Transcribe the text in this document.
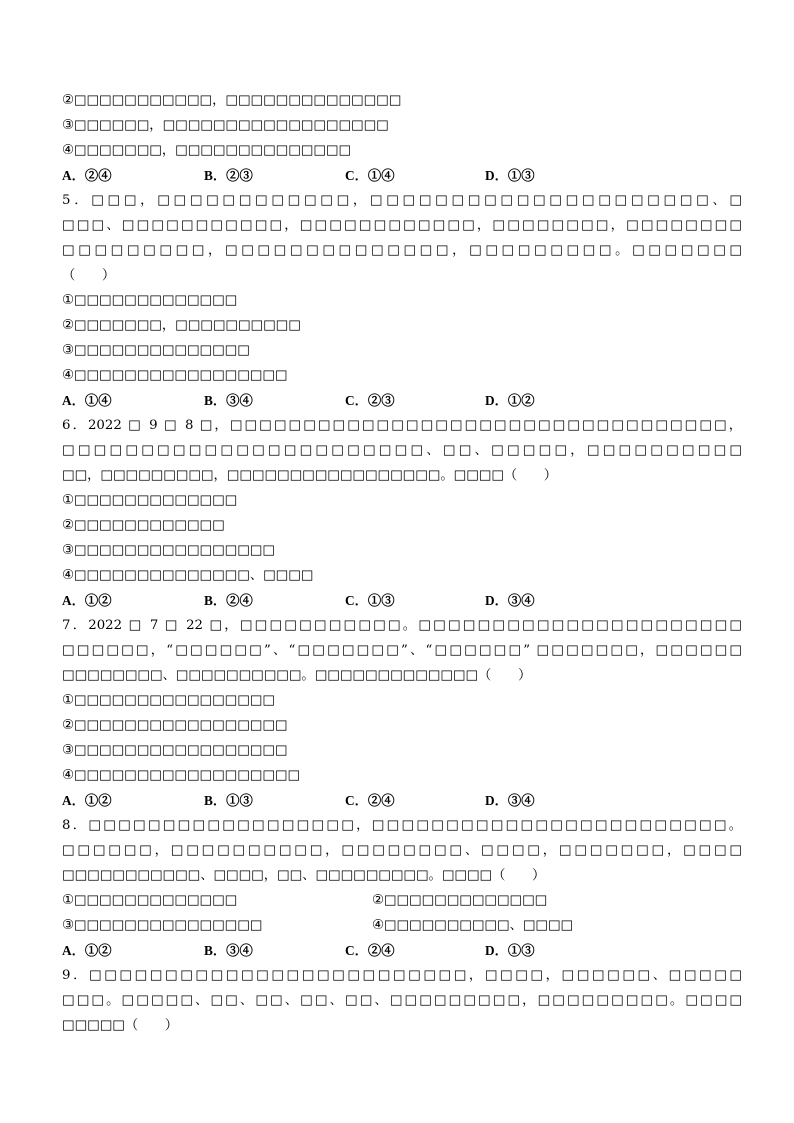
②□□□□□□□□□□□，□□□□□□□□□□□□□□
③□□□□□□，□□□□□□□□□□□□□□□□□□
④□□□□□□□，□□□□□□□□□□□□□□
A．②④	B．②③	C．①④	D．①③
5．□□□，□□□□□□□□□□□□，□□□□□□□□□□□□□□□□□□□□□、□
□□□、□□□□□□□□□□□，□□□□□□□□□□□□，□□□□□□□□，□□□□□□□□
□□□□□□□□□，□□□□□□□□□□□□□□，□□□□□□□□□。□□□□□□□
（　　）
①□□□□□□□□□□□□□
②□□□□□□□，□□□□□□□□□□
③□□□□□□□□□□□□□□
④□□□□□□□□□□□□□□□□□
A．①④	B．③④	C．②③	D．①②
6．2022 □ 9 □ 8 □，□□□□□□□□□□□□□□□□□□□□□□□□□□□□□□□□□□，
□□□□□□□□□□□□□□□□□□□□□□□、□□、□□□□□，□□□□□□□□□□
□□，□□□□□□□□□，□□□□□□□□□□□□□□□□□。□□□□（　　）
①□□□□□□□□□□□□□
②□□□□□□□□□□□□
③□□□□□□□□□□□□□□□□
④□□□□□□□□□□□□□□、□□□□
A．①②	B．②④	C．①③	D．③④
7．2022 □ 7 □ 22 □，□□□□□□□□□□□。□□□□□□□□□□□□□□□□□□□□□□
□□□□□□，“□□□□□□”、“□□□□□□□”、“□□□□□□” □□□□□□□，□□□□□□
□□□□□□□□、□□□□□□□□□□。□□□□□□□□□□□□□（　　）
①□□□□□□□□□□□□□□□□
②□□□□□□□□□□□□□□□□□
③□□□□□□□□□□□□□□□□□
④□□□□□□□□□□□□□□□□□□
A．①②	B．①③	C．②④	D．③④
8．□□□□□□□□□□□□□□□□□□，□□□□□□□□□□□□□□□□□□□□□□□□。
□□□□□□，□□□□□□□□□□，□□□□□□□□、□□□□，□□□□□□□，□□□□
□□□□□□□□□□□、□□□□，□□、□□□□□□□□□。□□□□（　　）
①□□□□□□□□□□□□□	②□□□□□□□□□□□□□
③□□□□□□□□□□□□□□□	④□□□□□□□□□□、□□□□
A．①②	B．③④	C．②④	D．①③
9．□□□□□□□□□□□□□□□□□□□□□□□□□，□□□□，□□□□□□、□□□□□
□□□。□□□□□、□□、□□、□□、□□、□□□□□□□□□，□□□□□□□□□。□□□□
□□□□□（　　）
